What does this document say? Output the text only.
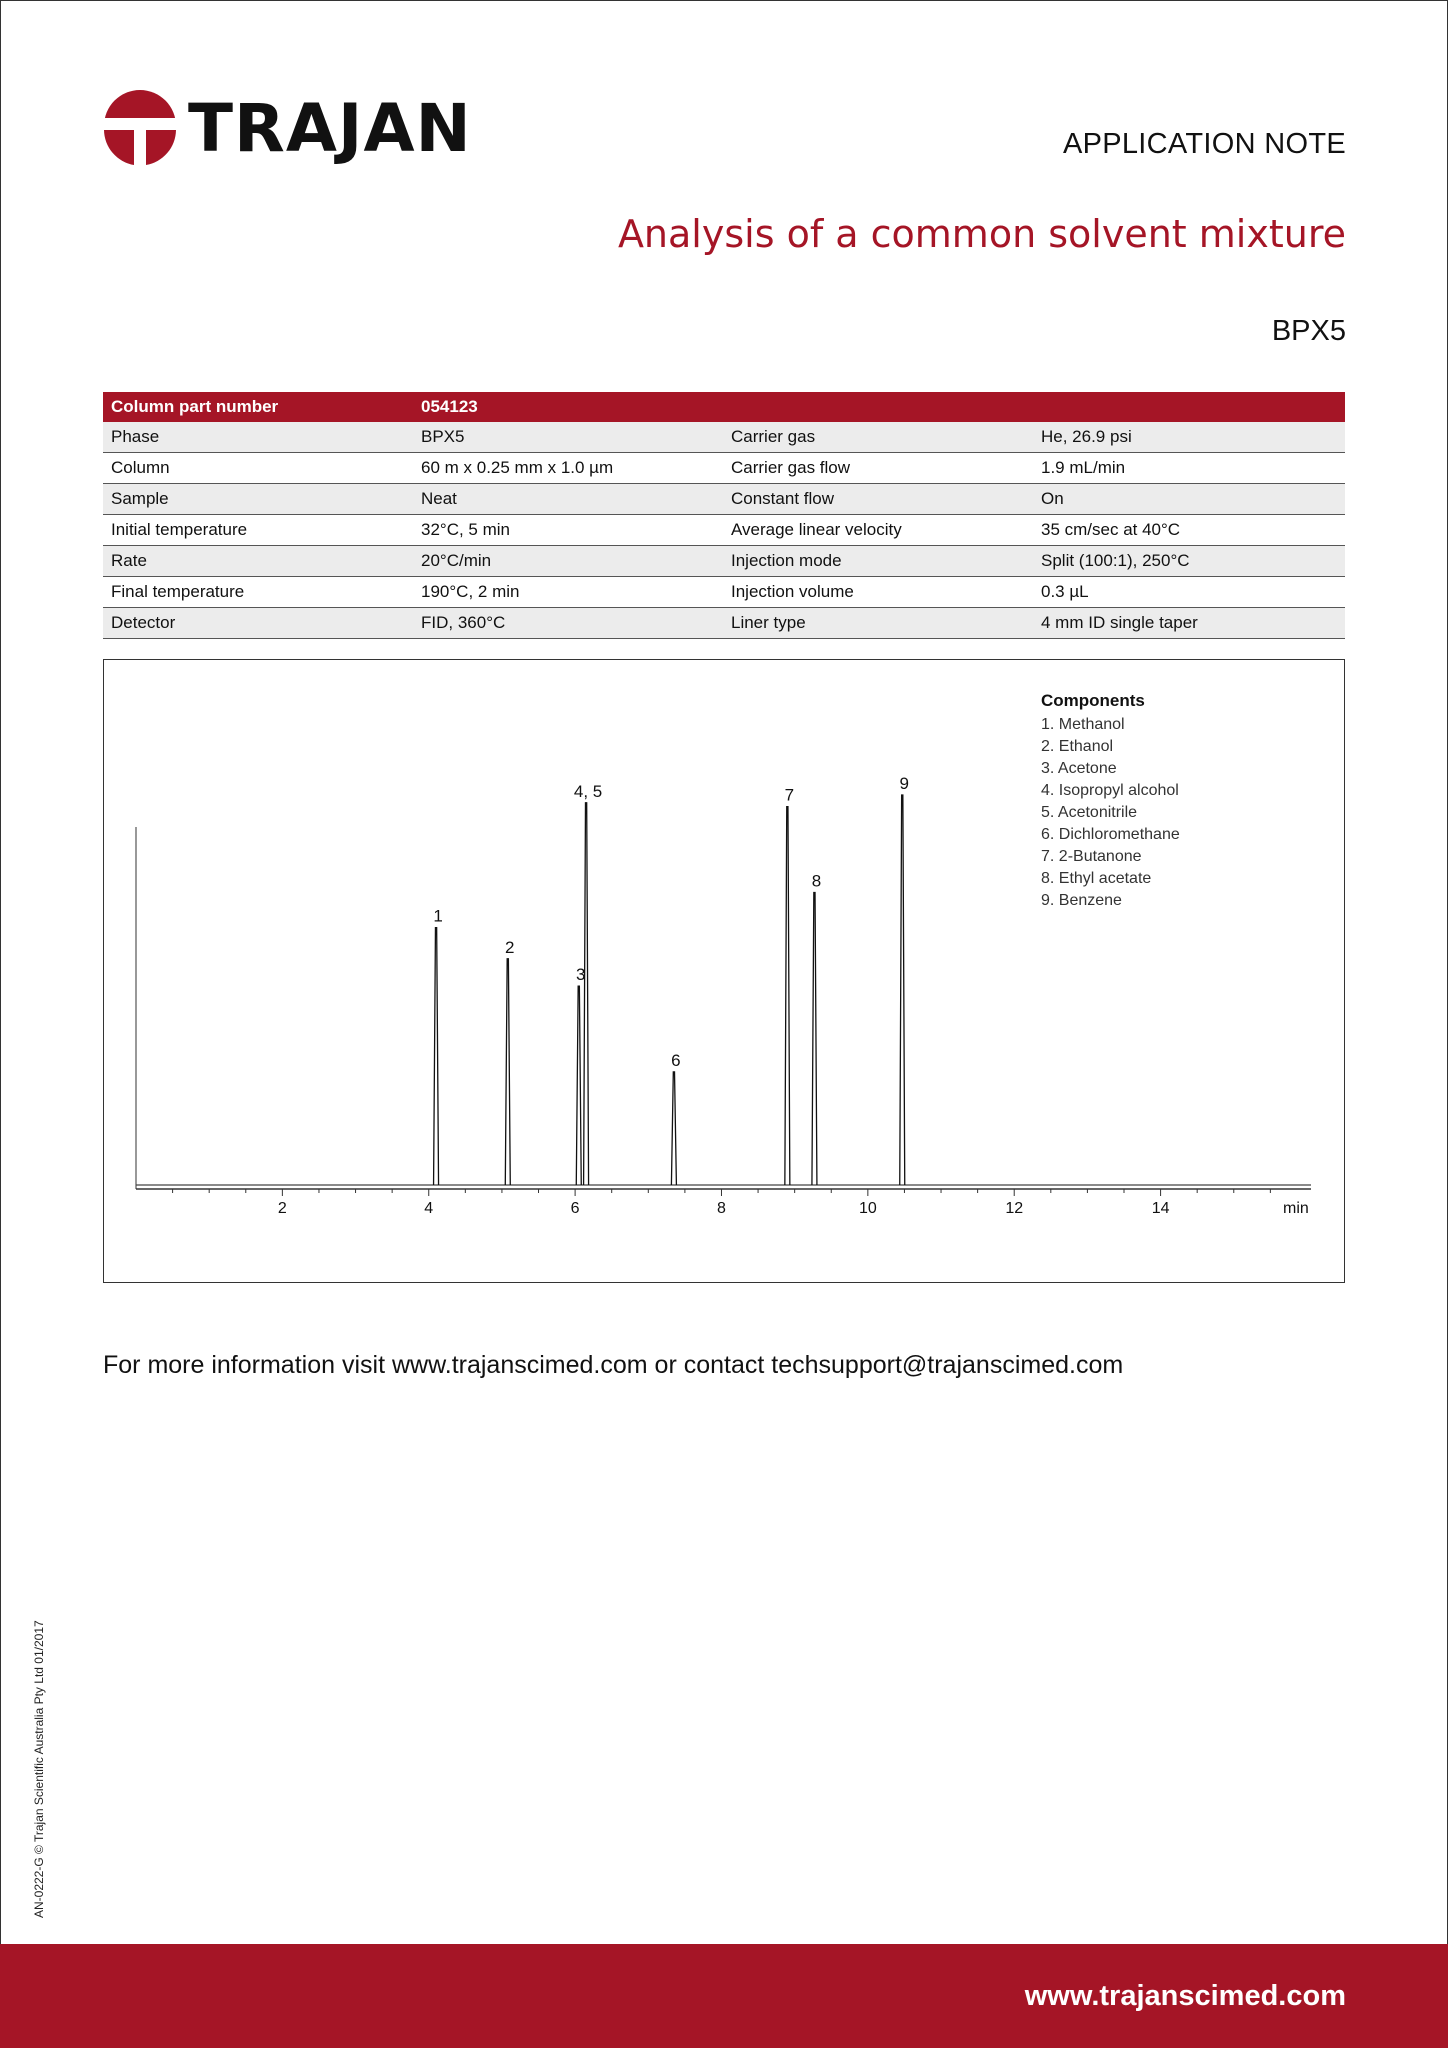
TRAJAN	APPLICATION NOTE
Analysis of a common solvent mixture
BPX5
Column part number	054123		
Phase	BPX5	Carrier gas	He, 26.9 psi
Column	60 m x 0.25 mm x 1.0 µm	Carrier gas flow	1.9 mL/min
Sample	Neat	Constant flow	On
Initial temperature	32°C, 5 min	Average linear velocity	35 cm/sec at 40°C
Rate	20°C/min	Injection mode	Split (100:1), 250°C
Final temperature	190°C, 2 min	Injection volume	0.3 µL
Detector	FID, 360°C	Liner type	4 mm ID single taper
2	4	6	8	10	12	14	min
1
2
3
4, 5
6
7
8
9
Components
1. Methanol
2. Ethanol
3. Acetone
4. Isopropyl alcohol
5. Acetonitrile
6. Dichloromethane
7. 2-Butanone
8. Ethyl acetate
9. Benzene
For more information visit www.trajanscimed.com or contact techsupport@trajanscimed.com
AN-0222-G © Trajan Scientific Australia Pty Ltd 01/2017
www.trajanscimed.com
